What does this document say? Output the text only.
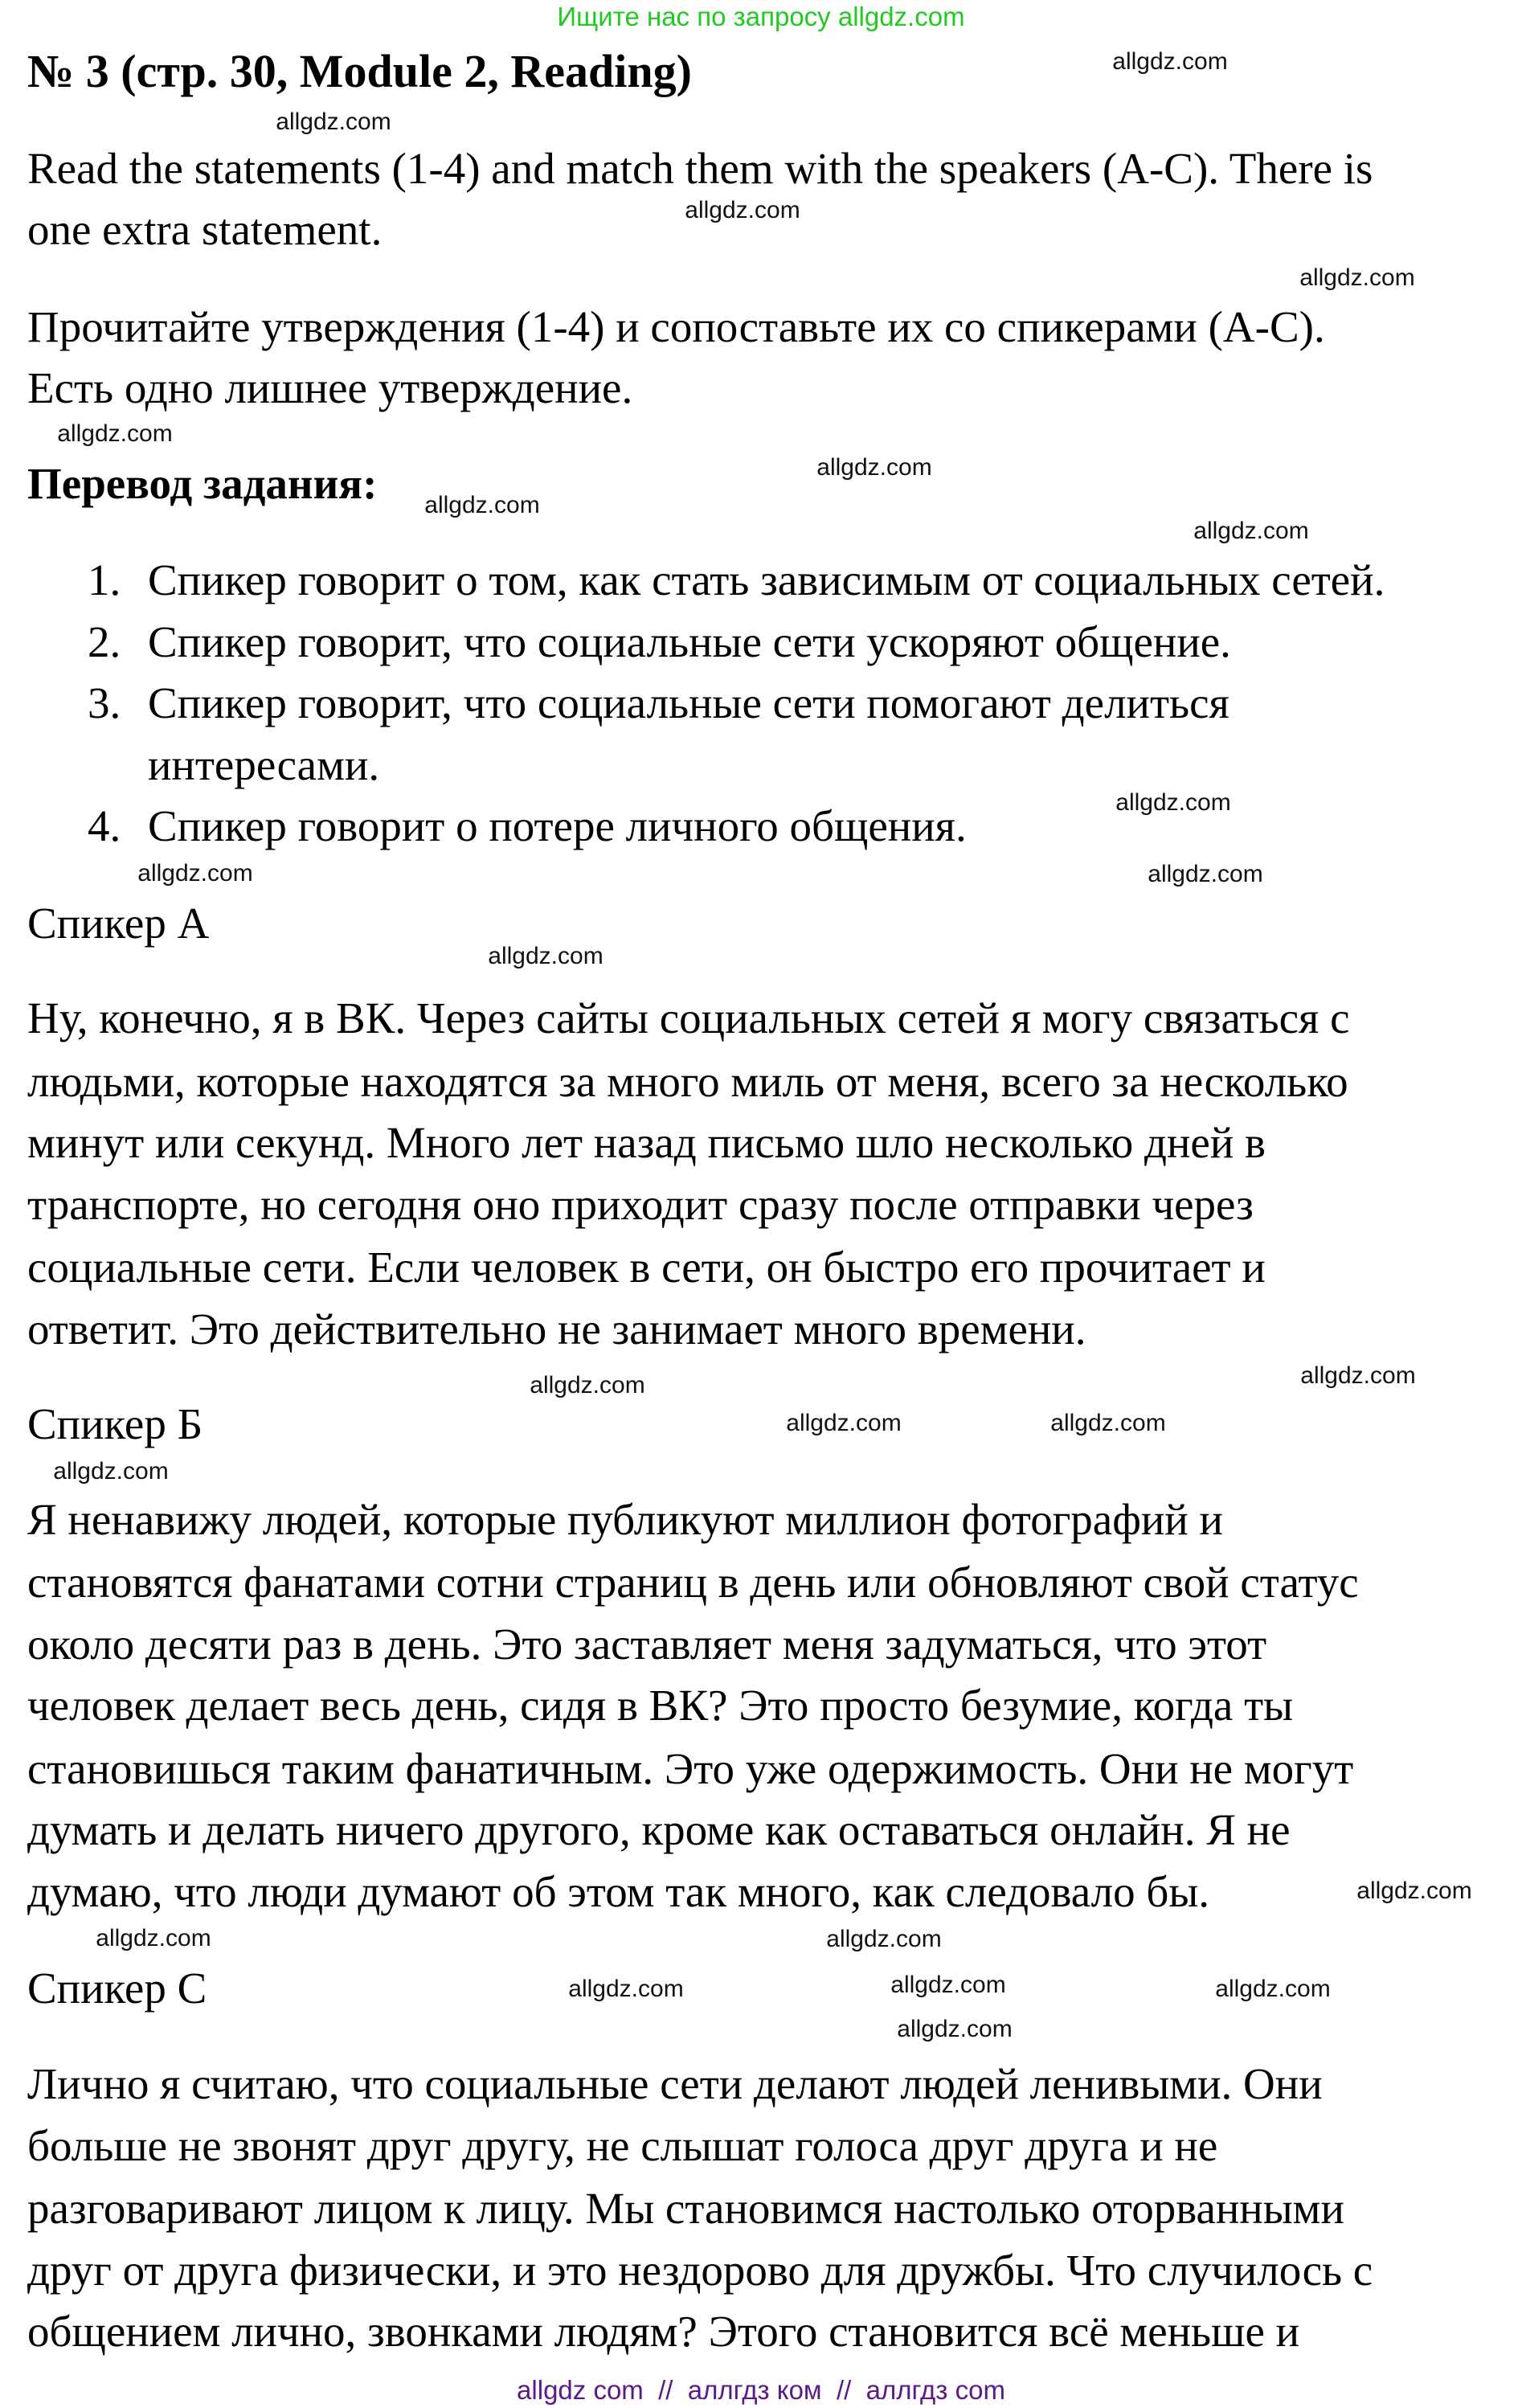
Ищите нас по запросу allgdz.com
№ 3 (стр. 30, Module 2, Reading)
Read the statements (1-4) and match them with the speakers (A-C). There is
one extra statement.
Прочитайте утверждения (1-4) и сопоставьте их со спикерами (A-C).
Есть одно лишнее утверждение.
Перевод задания:
1. Спикер говорит о том, как стать зависимым от социальных сетей.
2. Спикер говорит, что социальные сети ускоряют общение.
3. Спикер говорит, что социальные сети помогают делиться
интересами.
4. Спикер говорит о потере личного общения.
Спикер А
Ну, конечно, я в ВК. Через сайты социальных сетей я могу связаться с
людьми, которые находятся за много миль от меня, всего за несколько
минут или секунд. Много лет назад письмо шло несколько дней в
транспорте, но сегодня оно приходит сразу после отправки через
социальные сети. Если человек в сети, он быстро его прочитает и
ответит. Это действительно не занимает много времени.
Спикер Б
Я ненавижу людей, которые публикуют миллион фотографий и
становятся фанатами сотни страниц в день или обновляют свой статус
около десяти раз в день. Это заставляет меня задуматься, что этот
человек делает весь день, сидя в ВК? Это просто безумие, когда ты
становишься таким фанатичным. Это уже одержимость. Они не могут
думать и делать ничего другого, кроме как оставаться онлайн. Я не
думаю, что люди думают об этом так много, как следовало бы.
Спикер С
Лично я считаю, что социальные сети делают людей ленивыми. Они
больше не звонят друг другу, не слышат голоса друг друга и не
разговаривают лицом к лицу. Мы становимся настолько оторванными
друг от друга физически, и это нездорово для дружбы. Что случилось с
общением лично, звонками людям? Этого становится всё меньше и
allgdz.com
allgdz.com
allgdz.com
allgdz.com
allgdz.com
allgdz.com
allgdz.com
allgdz.com
allgdz.com
allgdz.com
allgdz.com
allgdz.com
allgdz.com
allgdz.com
allgdz.com
allgdz.com
allgdz.com
allgdz.com
allgdz.com
allgdz.com
allgdz.com
allgdz.com
allgdz.com
allgdz.com
allgdz com  //  аллгдз ком  //  аллгдз com
